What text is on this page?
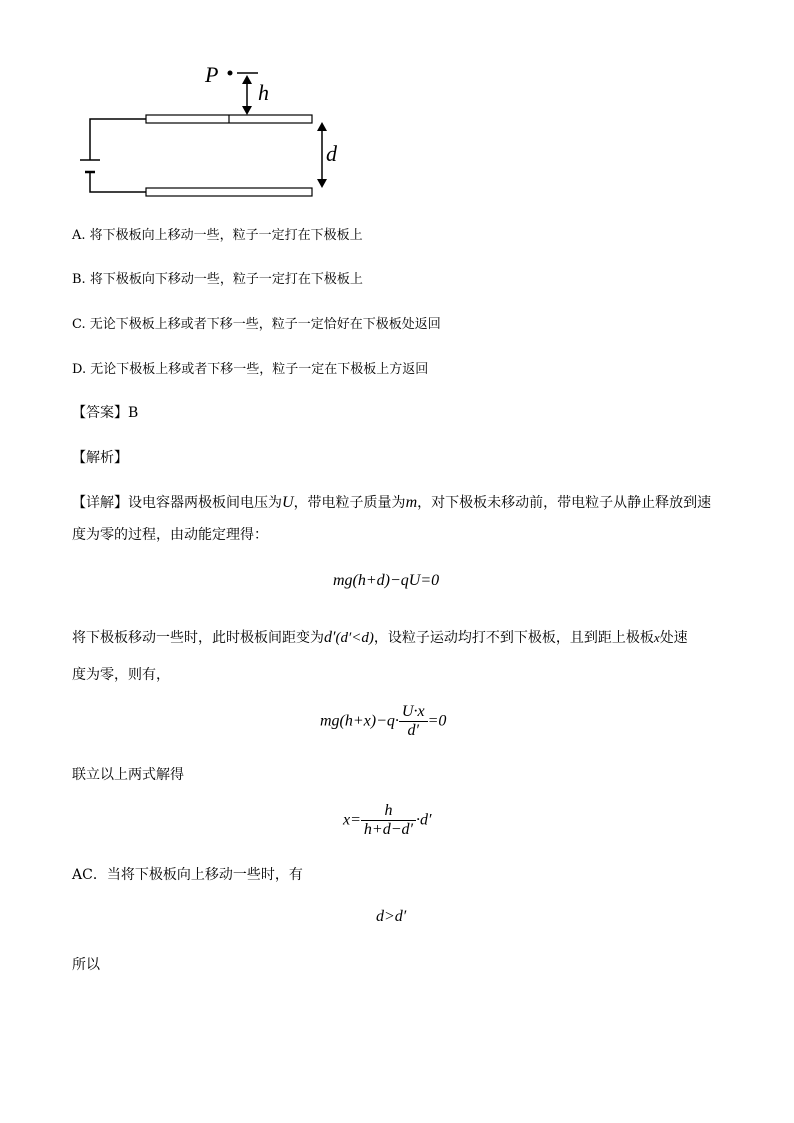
P
h
d
A. 将下极板向上移动一些，粒子一定打在下极板上
B. 将下极板向下移动一些，粒子一定打在下极板上
C. 无论下极板上移或者下移一些，粒子一定恰好在下极板处返回
D. 无论下极板上移或者下移一些，粒子一定在下极板上方返回
【答案】B
【解析】
【详解】设电容器两极板间电压为U，带电粒子质量为m，对下极板未移动前，带电粒子从静止释放到速
度为零的过程，由动能定理得：
mg(h+d)−qU=0
将下极板移动一些时，此时极板间距变为d′(d′<d)，设粒子运动均打不到下极板，且到距上极板x处速
度为零，则有，
$mg(h+x)-q\cdot \frac{U\cdot x}{d'} =0$
联立以上两式解得
$x= \frac{h}{h+d-d'} \cdot d'$
AC．当将下极板向上移动一些时，有
d>d′
所以
